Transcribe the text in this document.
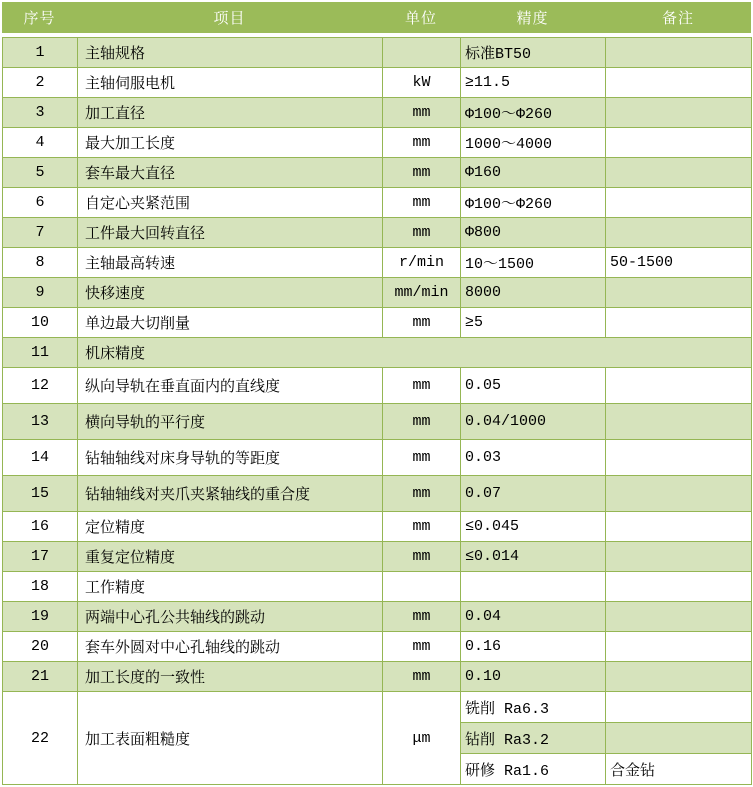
序号	项目	单位	精度	备注
1	主轴规格		标准BT50	
2	主轴伺服电机	kW	≥11.5	
3	加工直径	mm	Φ100～Φ260	
4	最大加工长度	mm	1000～4000	
5	套车最大直径	mm	Φ160	
6	自定心夹紧范围	mm	Φ100～Φ260	
7	工件最大回转直径	mm	Φ800	
8	主轴最高转速	r/min	10～1500	50-1500
9	快移速度	mm/min	8000	
10	单边最大切削量	mm	≥5	
11	机床精度			
12	纵向导轨在垂直面内的直线度	mm	0.05	
13	横向导轨的平行度	mm	0.04/1000	
14	钻轴轴线对床身导轨的等距度	mm	0.03	
15	钻轴轴线对夹爪夹紧轴线的重合度	mm	0.07	
16	定位精度	mm	≤0.045	
17	重复定位精度	mm	≤0.014	
18	工作精度			
19	两端中心孔公共轴线的跳动	mm	0.04	
20	套车外圆对中心孔轴线的跳动	mm	0.16	
21	加工长度的一致性	mm	0.10	
22	加工表面粗糙度	μm	铣削 Ra6.3	
			钻削 Ra3.2	
			研修 Ra1.6	合金钻
